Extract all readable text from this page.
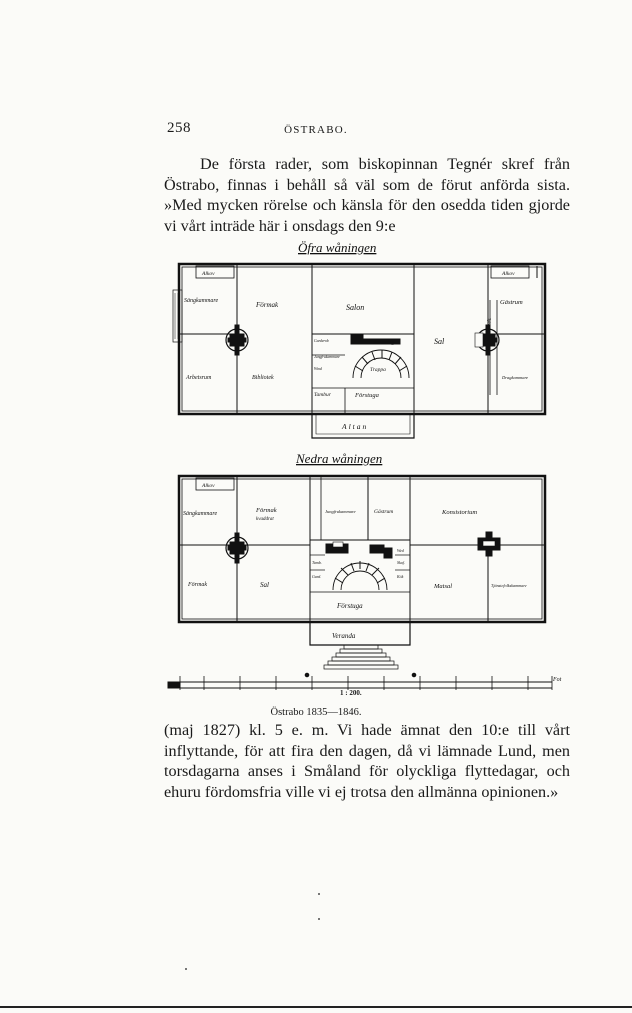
258	ÖSTRABO.

De första rader, som biskopinnan Tegnér skref från Östrabo, finnas i behåll så väl som de förut anförda sista. »Med mycken rörelse och känsla för den osedda tiden gjorde vi vårt inträde här i onsdags den 9:e

Öfra wåningen
Nedra wåningen
Alkov	Alkov
Sängkammare	Förmak	Salon
Gästrum
Arbetsrum	Bibliotek
Sal
Servering
Trappa
Tambur	Förstuga
Altan
Garderob
Jungfrukammare
Wind
Dragkammare
Spis
Alkov
Sängkammare	Förmak
kvaddrat
Jungfrukammare	Gästrum	Konsistorium
Förmak	Sal	Matsal	Tjänstefolkskammare
Tamb.
Gard.
Skaf.
Wed
Kök
Förstuga
Veranda
Fot
1 : 200.
Östrabo 1835—1846.

(maj 1827) kl. 5 e. m. Vi hade ämnat den 10:e till vårt inflyttande, för att fira den dagen, då vi lämnade Lund, men torsdagarna anses i Småland för olyckliga flyttedagar, och ehuru fördomsfria ville vi ej trotsa den allmänna opinionen.»
